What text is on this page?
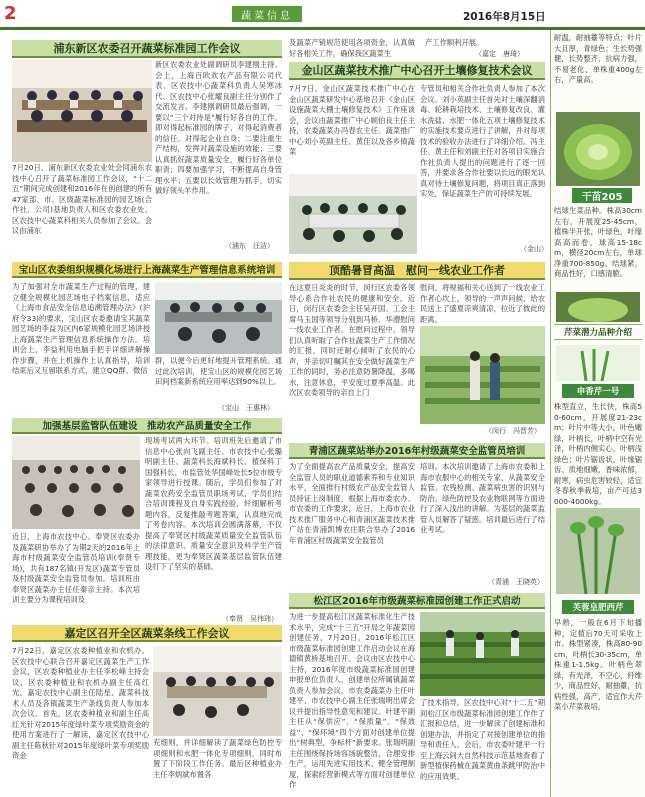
2	蔬菜信息	2016年8月15日
浦东新区农委召开蔬菜标准园工作会议
7月20日，浦东新区农委农业处会同浦东农技中心召开了蔬菜标准园工作会议，“十二五”期间完成创建和2016年在创创建的所有47家部、市、区级蔬菜标准园的园艺场(合作社、公司)基地负责人和区农委农业处、区农技中心蔬菜科相关人员参加了会议。会议由浦东
新区农委农业处副调研员李建刚主持。会上，上海百欧欢农产品有限公司代表、区农技中心蔬菜科负责人吴寒冰代、区农技中心张耀良副主任分别作了交流发言。李建刚调研员最后强调，一要以“三个对待是”履行好各自的工作，即对得起标准园的牌子、对得起消费者的信任、对得起企业自身；二要注重生产结构，发挥对蔬菜设施的效能；三要认真抓好蔬菜质量安全，履行好各单位职责；四要加强学习，不断提高自身管理水平；五要以长效管理为抓手，切实做好领头羊作用。
（浦东　汪洁）
及蔬菜产销规范使用各项资金，认真做好各相关工作，确保我区蔬菜生
产工作顺利开展。
（嘉定　唐琦）
金山区蔬菜技术推广中心召开土壤修复技术会议
7月7日，金山区蔬菜技术推广中心在金山区蔬菜研发中心基地召开《金山区设施蔬菜大棚土壤修复技术》工作座谈会，会议由蔬菜推广中心顾伯良主任主持，农委蔬菜办冯春农主任、蔬菜推广中心刘小英副主任、黄佳以及各乡镇蔬菜
专管员和相关合作社负责人参加了本次会议。刘小英副主任首先对土壤深翻消毒、轮耕栽培技术、土壤修复改良、灌水洗盐、水肥一体化五项土壤修复技术的实施技术要点进行了讲解，并对每项技术的验收办法进行了详细介绍。冯主任、黄主任和刘副主任对各项目实施合作社负责人提出的问题进行了逐一回答，并要求各合作社要以长远的眼光认真对待土壤修复问题，将项目真正落到实处，保证蔬菜生产的可持续发展。
（金山）
宝山区农委组织规模化场进行上海蔬菜生产管理信息系统培训
为了加强对全市蔬菜生产过程的管理，建立健全规模化园艺场电子档案信息，适应《上海市食品安全信息追溯管理办法》(沪府令33)的要求，宝山区农委邀请宝其蔬菜园艺场的李益为区内6家规模化园艺场讲授上海蔬菜生产管理信息系统操作方法。培训会上，李益利用电脑手把手详细讲解操作步骤，并在上机操作上认真指导，培训结束后又互留联系方式，建立QQ群、微信
群，以便今后更好地提升管理系统。通过此次培训，使宝山区的规模化园艺场田间档案新系统应用率达到90%以上。
（宝山　王惠林）
顶酷暑冒高温　慰问一线农业工作者
在这夏日炎炎的时节，闵行区农委各领导心系合作社农民的健康和安全。近日，闵行区农委会主任吴开国、工会主席马玉国等领导分别到马桥、华漕慰问一线农业工作者。在慰问过程中，领导们认真听取了合作社蔬菜生产工作情况的汇报，同时还耐心倾听了农民的心声，并亲切叮嘱其在安全做好蔬菜生产工作的同时，务必注意防暑降温，多喝水，注意休息，平安度过夏季高温。此次区农委领导的亲自上门
慰问，将视福和关心送到了一线农业工作者心坎上，领导的一声声问候，给农民送上了盛夏凉爽清凉，拉近了彼此的距离。
（闵行　冯晋芳）
加强基层监管队伍建设　推动农产品质量安全工作
近日，上海市农技中心、奉贤区农委办及蔬菜研协举办了为期2天的2016年上海市村级蔬菜安全监管员培训(奉贤专场)，共有187名镇(开发区)蔬菜专管员及村级蔬菜安全监管员参加。培训班由奉贤区蔬菜办主任任秦亲主持。本次培训主要分为课程培训及
现场考试两大环节。培训班先后邀请了市信息中心张向飞副主任、市农技中心张璐明副主任、蔬菜科长海斌科长、植保科丁国强科长、市监管处华国峰处长5位市级专家领导进行授课。随后，学员们参加了对蔬菜农药安全监管员职场考试，学员们结合培训课程及自身实践经验，纤细解析考题内容，反复推敲考题答案，认真地完成了考卷内容。本次培训会圆满落幕，不仅提高了奉贤区村级蔬菜质量安全监管队伍的法律意识、质量安全意识及科学生产管理技能，更为奉贤区蔬菜基层监管队伍建设打下了坚实的基础。
（奉贤　吴伟玮）
青浦区蔬菜站举办2016年村级蔬菜安全监管员培训
为了全面提高农产品质量安全，提高安全监管人员的职业道德素养和专业知识水平，全面推行村级农产品安全监管人员持证上岗制度，根据上海市委农办、市农委的工作要求，近日，上海市农业技术推广服务中心和青浦区蔬菜技术推广站在青浦凯博农庄联合举办了2016年青浦区村级蔬菜安全监管员
培训。本次培训邀请了上海市农委和上海市农服中心的相关专家，从蔬菜安全监管、农残检测、蔬菜病虫害的识别与防治、绿色防控及农业物联网等方面进行了深入浅出的讲解。为基层的蔬菜监管人员解答了疑惑。培训最后进行了结业考试。
（青浦　王晓英）
松江区2016年市级蔬菜标准园创建工作正式启动
为进一步提高松江区蔬菜标准化生产技术水平，完成“十三五”开局之年蔬菜园创建任务，7月20日，2016年松江区市级蔬菜标准园创建工作启动会议在海德镇黄桥基地召开。会议由区农技中心主持，2016年度市级蔬菜标准园创建申报单位负责人、创建单位所属镇蔬菜负责人参加会议，市农委蔬菜办主任叶建平、市农技中心副主任张瑞明出席会议并提出指导性意见和建议。叶建平副主任从“保供应”、“保质量”、“保效益”、“保环境”四个方面对创建单位提出“树典型，争标杆”新要求。张瑞明副主任围绕保持场容场貌整洁，合理安排生产，运用先进实用技术、健全管理制度，探索经营新模式等方面对创建单位作
了技术指导。区农技中心对“十二五”期间松江区市级蔬菜标准园创建工作作了汇报和总结，进一步解读了创建标准和创建办法，并指定了对接创建单位的指导和责任人。会后，市农委叶建平一行至上海云间大自然科技示范基地查看了新型植保药械在蔬菜黄曲条跳甲防治中的应用效果。
嘉定区召开全区蔬菜条线工作会议
7月22日，嘉定区农委种植业和农机办、区农技中心联合召开嘉定区蔬菜生产工作会议，区农委种植业办主任李松峰主持会议，区农委种植业和农机办副主任高红光、嘉定农技中心副主任陆星、蔬菜科技术人员及各镇蔬菜生产条线负责人参加本次会议。首先，区农委种植业和副主任高红光针对2015年度绿叶菜专项奖励资金的使用方案进行了一解读，嘉定区农技中心副主任陈秋针对2015年度绿叶菜专项奖励资金
充细则，并详细解读了蔬菜绿色防控专项细则和水肥一体化专项细则，同时布置了下阶段工作任务。最后区种植业办主任李炳斌布置各
耐温，耐抽薹等特点；叶片大且厚，青绿色；生长势强健，长势整齐，抗病力强，不易老化，单株重400g左右，产量高。
干苗205
结球生菜品种。株高30cm左右，开展度25-45cm，植株半开张，叶绿色，叶缘高高而卷，球高15-18cm，横径20cm左右，单球净重700-850g。结球紧，商品性好，口感清脆。
芹菜潜力品种介绍
申香芹一号
株型直立，生长快，株高50-60cm，开展度21-23cm；叶片中等大小，叶色嫩绿，叶柄长，叶柄中空有光泽，叶柄内侧实心，叶柄浅绿色；叶片锯齿状，叶缘锯齿、质地细嫩，香味浓郁，耐寒，病虫危害较轻，适宜冬春秋季栽培，亩产可达3000-4000kg。
芙蓉皇肥西芹
早熟，一般在6月下旬播种，定植后70天可采收上市。株型紧凑，株高80-90cm，叶柄长30-35cm，单株重1-1.5kg。叶柄色翠绿，有光泽，不空心，纤维少，商品性好，耐抽薹，抗病性强，高产，适宜作大芹菜小芹菜栽培。
